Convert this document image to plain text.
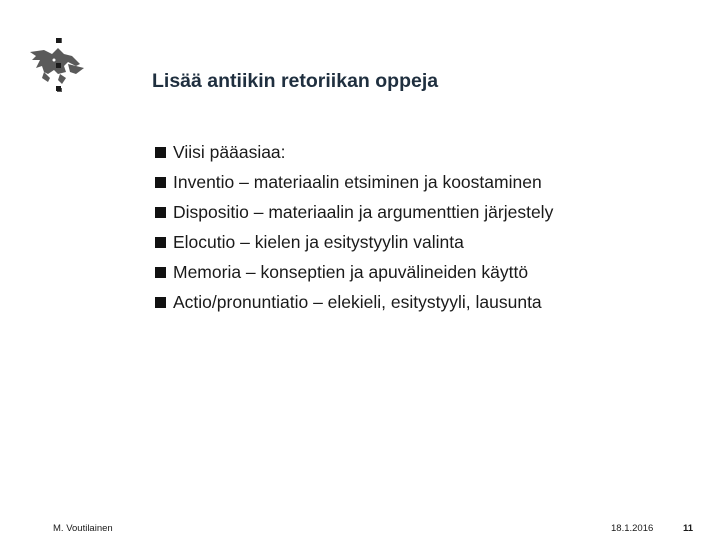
Lisää antiikin retoriikan oppeja
Viisi pääasiaa:
Inventio – materiaalin etsiminen ja koostaminen
Dispositio – materiaalin ja argumenttien järjestely
Elocutio – kielen ja esitystyylin valinta
Memoria – konseptien ja apuvälineiden käyttö
Actio/pronuntiatio – elekieli, esitystyyli, lausunta
M. Voutilainen	18.1.2016	11
